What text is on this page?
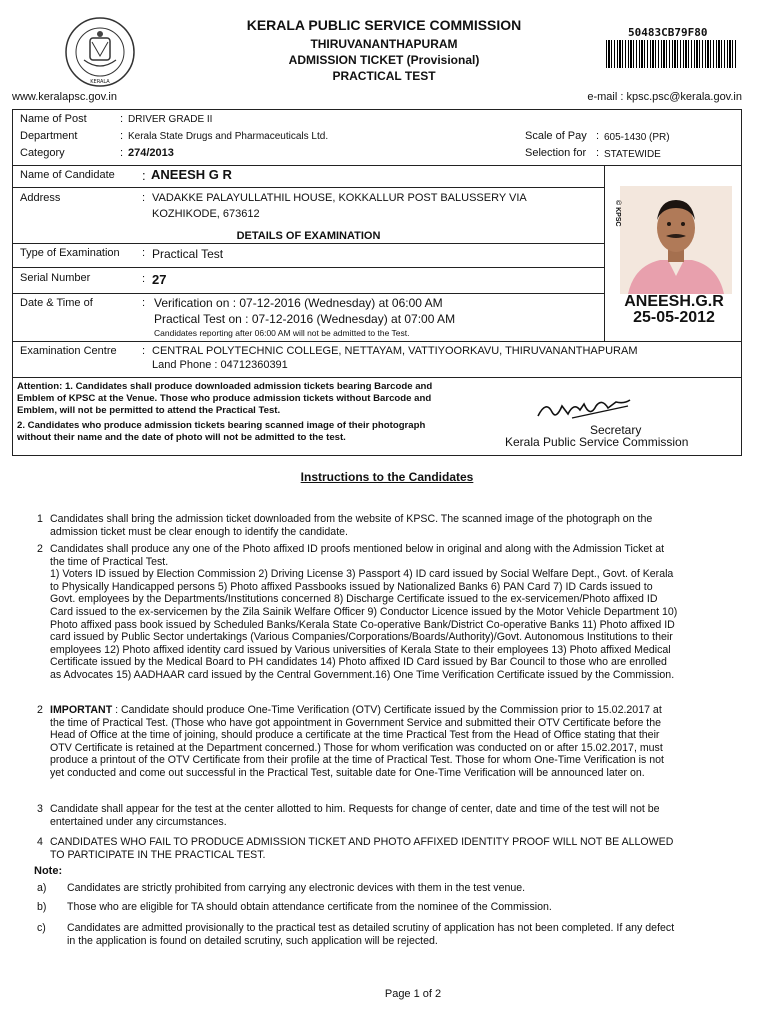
KERALA
KERALA PUBLIC SERVICE COMMISSION
THIRUVANANTHAPURAM
ADMISSION TICKET (Provisional)
PRACTICAL TEST
50483CB79F80
www.keralapsc.gov.in	e-mail : kpsc.psc@kerala.gov.in
Name of Post	: DRIVER GRADE II
Department	: Kerala State Drugs and Pharmaceuticals Ltd.
Category	: 274/2013
Scale of Pay : 605-1430 (PR)
Selection for : STATEWIDE
Name of Candidate : ANEESH G R
Address	: VADAKKE PALAYULLATHIL HOUSE, KOKKALLUR POST BALUSSERY VIA
KOZHIKODE, 673612
DETAILS OF EXAMINATION
Type of Examination : Practical Test
Serial Number	: 27
Date & Time of	: Verification on : 07-12-2016 (Wednesday) at 06:00 AM
Practical Test on : 07-12-2016 (Wednesday) at 07:00 AM
Candidates reporting after 06:00 AM will not be admitted to the Test.
© KPSC
ANEESH.G.R
25-05-2012
Examination Centre : CENTRAL POLYTECHNIC COLLEGE, NETTAYAM, VATTIYOORKAVU, THIRUVANANTHAPURAM
Land Phone : 04712360391
Attention: 1. Candidates shall produce downloaded admission tickets bearing Barcode and
Emblem of KPSC at the Venue. Those who produce admission tickets without Barcode and
Emblem, will not be permitted to attend the Practical Test.
2. Candidates who produce admission tickets bearing scanned image of their photograph
without their name and the date of photo will not be admitted to the test.
Secretary
Kerala Public Service Commission
Instructions to the Candidates
1 Candidates shall bring the admission ticket downloaded from the website of KPSC. The scanned image of the photograph on the
admission ticket must be clear enough to identify the candidate.
2 Candidates shall produce any one of the Photo affixed ID proofs mentioned below in original and along with the Admission Ticket at
the time of Practical Test.
1) Voters ID issued by Election Commission 2) Driving License 3) Passport 4) ID card issued by Social Welfare Dept., Govt. of Kerala
to Physically Handicapped persons 5) Photo affixed Passbooks issued by Nationalized Banks 6) PAN Card 7) ID Cards issued to
Govt. employees by the Departments/Institutions concerned 8) Discharge Certificate issued to the ex-servicemen/Photo affixed ID
Card issued to the ex-servicemen by the Zila Sainik Welfare Officer 9) Conductor Licence issued by the Motor Vehicle Department 10)
Photo affixed pass book issued by Scheduled Banks/Kerala State Co-operative Bank/District Co-operative Banks 11) Photo affixed ID
card issued by Public Sector undertakings (Various Companies/Corporations/Boards/Authority)/Govt. Autonomous Institutions to their
employees 12) Photo affixed identity card issued by Various universities of Kerala State to their employees 13) Photo affixed Medical
Certificate issued by the Medical Board to PH candidates 14) Photo affixed ID Card issued by Bar Council to those who are enrolled
as Advocates 15) AADHAAR card issued by the Central Government.16) One Time Verification Certificate issued by the Commission.
2 IMPORTANT : Candidate should produce One-Time Verification (OTV) Certificate issued by the Commission prior to 15.02.2017 at
the time of Practical Test. (Those who have got appointment in Government Service and submitted their OTV Certificate before the
Head of Office at the time of joining, should produce a certificate at the time Practical Test from the Head of Office stating that their
OTV Certificate is retained at the Department concerned.) Those for whom verification was conducted on or after 15.02.2017, must
produce a printout of the OTV Certificate from their profile at the time of Practical Test. Those for whom One-Time Verification is not
yet conducted and come out successful in the Practical Test, suitable date for One-Time Verification will be announced later on.
3 Candidate shall appear for the test at the center allotted to him. Requests for change of center, date and time of the test will not be
entertained under any circumstances.
4 CANDIDATES WHO FAIL TO PRODUCE ADMISSION TICKET AND PHOTO AFFIXED IDENTITY PROOF WILL NOT BE ALLOWED
TO PARTICIPATE IN THE PRACTICAL TEST.
Note:
a) Candidates are strictly prohibited from carrying any electronic devices with them in the test venue.
b) Those who are eligible for TA should obtain attendance certificate from the nominee of the Commission.
c) Candidates are admitted provisionally to the practical test as detailed scrutiny of application has not been completed. If any defect
in the application is found on detailed scrutiny, such application will be rejected.
Page 1 of 2
